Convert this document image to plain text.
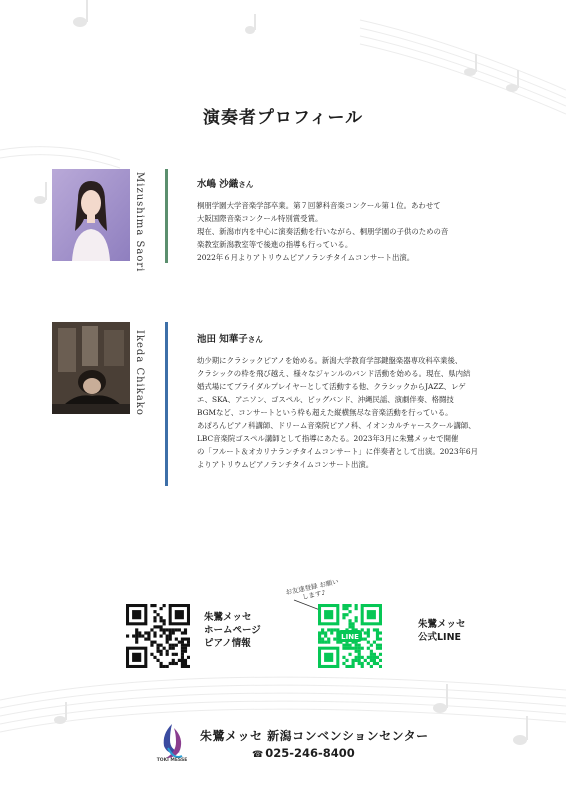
演奏者プロフィール
Mizushima Saori	水嶋 沙織さん

桐朋学園大学音楽学部卒業。第７回蓼科音楽コンクール第１位。あわせて

大阪国際音楽コンクール特別賞受賞。

現在、新潟市内を中心に演奏活動を行いながら、桐朋学園の子供のための音

楽教室新潟教室等で後進の指導も行っている。

2022年６月よりアトリウムピアノランチタイムコンサート出演。

Ikeda Chikako	池田 知華子さん

幼少期にクラシックピアノを始める。新潟大学教育学部鍵盤楽器専攻科卒業後、

クラシックの枠を飛び越え、様々なジャンルのバンド活動を始める。現在、県内結

婚式場にてブライダルプレイヤーとして活動する他、クラシックからJAZZ、レゲ

エ、SKA、アニソン、ゴスペル、ビッグバンド、沖縄民謡、演劇伴奏、格闘技

BGMなど、コンサートという枠も超えた縦横無尽な音楽活動を行っている。

あぽろんピアノ科講師、ドリーム音楽院ピアノ科、イオンカルチャースクール講師、

LBC音楽院ゴスペル講師として指導にあたる。2023年3月に朱鷺メッセで開催

の「フルート＆オカリナランチタイムコンサート」に伴奏者として出演。2023年6月

よりアトリウムピアノランチタイムコンサート出演。

朱鷺メッセ
ホームページ
ピアノ情報
お友達登録 お願いします♪
LINE
朱鷺メッセ
公式LINE
TOKI MESSE
朱鷺メッセ 新潟コンベンションセンター
☎ 025-246-8400
